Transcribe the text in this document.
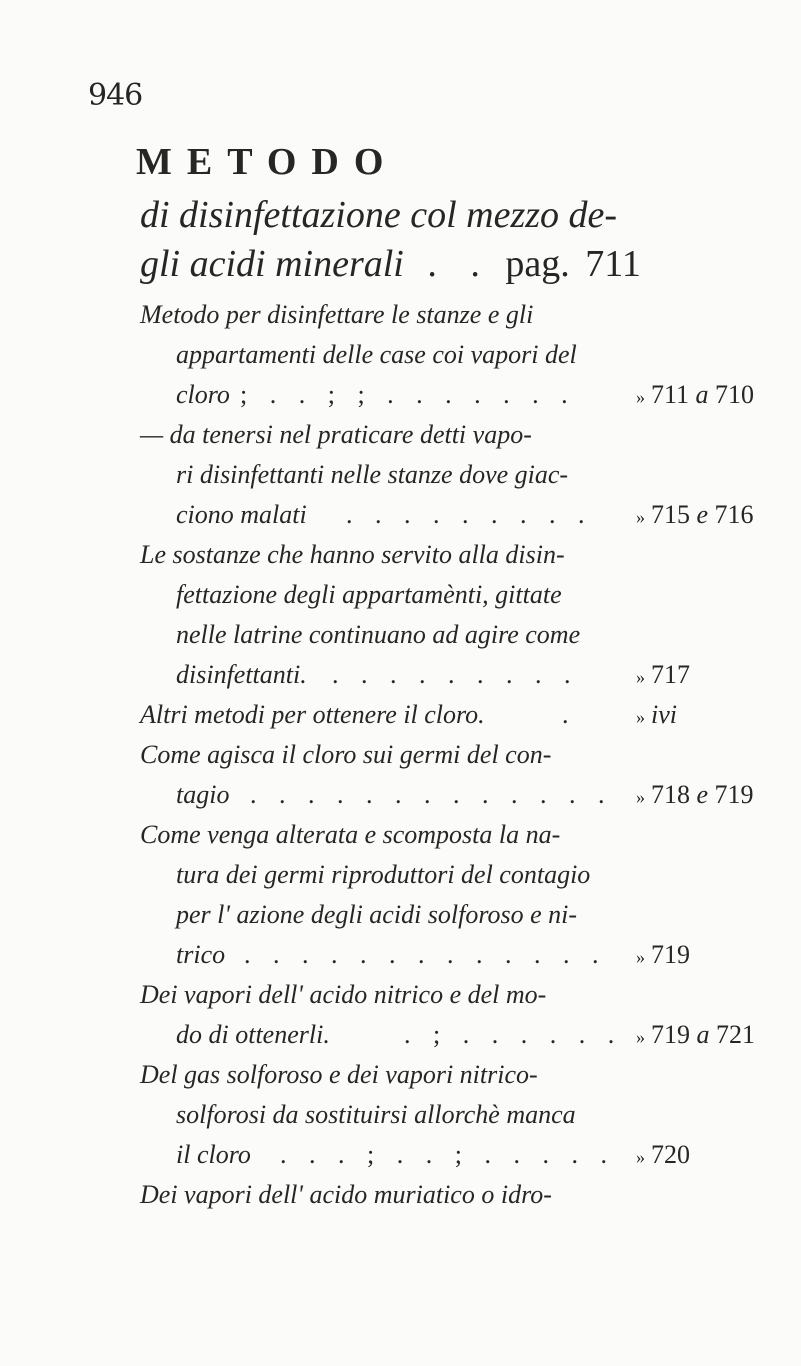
946
METODO
di disinfettazione col mezzo de-
gli acidi minerali . . pag. 711
Metodo per disinfettare le stanze e gli
appartamenti delle case coi vapori del
cloro ; . . ; ; . . . . . . .	» 711 a 710
— da tenersi nel praticare detti vapo-
ri disinfettanti nelle stanze dove giac-
ciono malati . . . . . . . . . » 715 e 716
Le sostanze che hanno servito alla disin-
fettazione degli appartamènti, gittate
nelle latrine continuano ad agire come
disinfettanti. . . . . . . . . .	» 717
Altri metodi per ottenere il cloro.	.	» ivi
Come agisca il cloro sui germi del con-
tagio . . . . . . . . . . . . . » 718 e 719
Come venga alterata e scomposta la na-
tura dei germi riproduttori del contagio
per l' azione degli acidi solforoso e ni-
trico . . . . . . . . . . . . . » 719
Dei vapori dell' acido nitrico e del mo-
do di ottenerli.	. ; . . . . . . » 719 a 721
Del gas solforoso e dei vapori nitrico-
solforosi da sostituirsi allorchè manca
il cloro . . . ; . . ; . . . . . » 720
Dei vapori dell' acido muriatico o idro-
